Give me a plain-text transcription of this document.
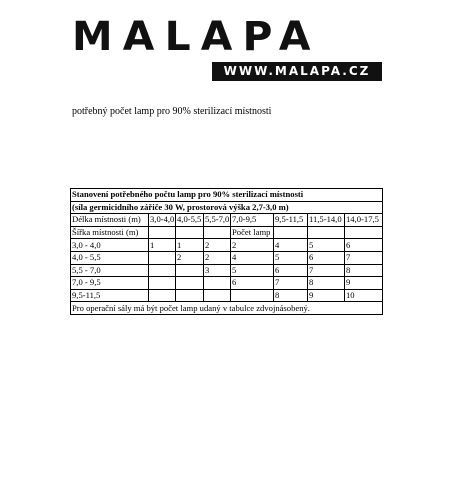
MALAPA
WWW.MALAPA.CZ
potřebný počet lamp pro 90% sterilizací místnosti
Stanovení potřebného počtu lamp pro 90% sterilizací místnosti							
(síla germicidního zářiče 30 W, prostorová výška 2,7-3,0 m)							
Délka místnosti (m)	3,0-4,0	4,0-5,5	5,5-7,0	7,0-9,5	9,5-11,5	11,5-14,0	14,0-17,5
Šířka místnosti (m)				Počet lamp			
3,0 - 4,0	1	1	2	2	4	5	6
4,0 - 5,5		2	2	4	5	6	7
5,5 - 7,0			3	5	6	7	8
7,0 - 9,5				6	7	8	9
9,5-11,5					8	9	10
Pro operační sály má být počet lamp udaný v tabulce zdvojnásobený.							
